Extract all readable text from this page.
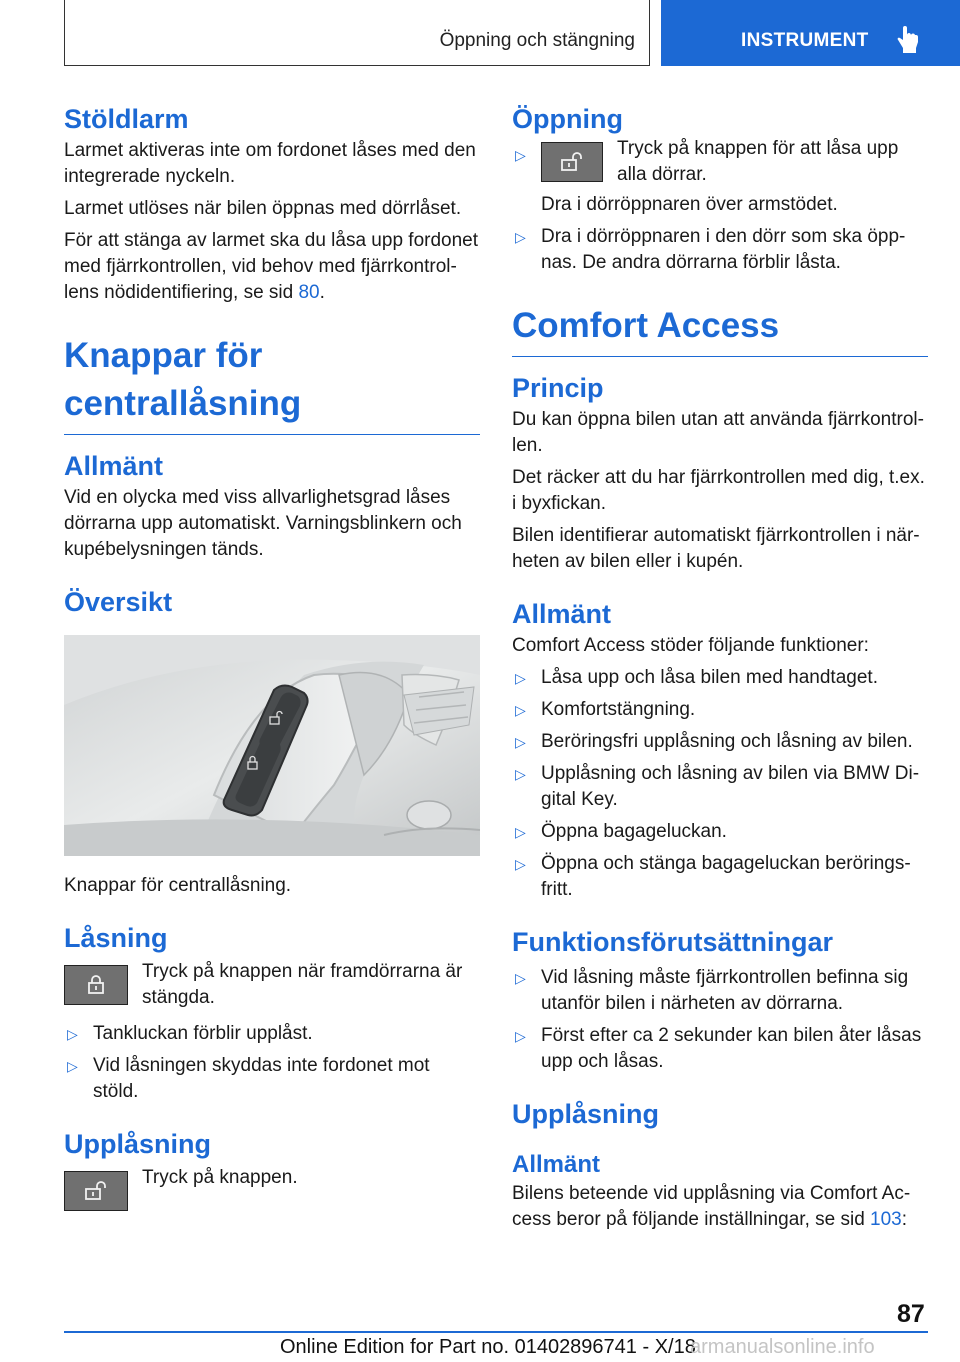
Öppning och stängning	INSTRUMENT
Stöldlarm

Larmet aktiveras inte om fordonet låses med den integrerade nyckeln.

Larmet utlöses när bilen öppnas med dörrlåset.

För att stänga av larmet ska du låsa upp fordonet med fjärrkontrollen, vid behov med fjärrkontrol‐lens nödidentifiering, se sid 80.

Knappar för centrallåsning
Allmänt

Vid en olycka med viss allvarlighetsgrad låses dörrarna upp automatiskt. Varningsblinkern och kupébelysningen tänds.

Översikt

Knappar för centrallåsning.

Låsning

Tryck på knappen när framdörrarna är stängda.

▷ Tankluckan förblir upplåst.
▷ Vid låsningen skyddas inte fordonet mot stöld.
Upplåsning

Tryck på knappen.

Öppning
▷	Tryck på knappen för att låsa upp alla dörrar.

Dra i dörröppnaren över armstödet.

▷ Dra i dörröppnaren i den dörr som ska öpp‐nas. De andra dörrarna förblir låsta.
Comfort Access
Princip

Du kan öppna bilen utan att använda fjärrkontrol‐len.

Det räcker att du har fjärrkontrollen med dig, t.ex. i byxfickan.

Bilen identifierar automatiskt fjärrkontrollen i när‐heten av bilen eller i kupén.

Allmänt

Comfort Access stöder följande funktioner:

▷ Låsa upp och låsa bilen med handtaget.
▷ Komfortstängning.
▷ Beröringsfri upplåsning och låsning av bilen.
▷ Upplåsning och låsning av bilen via BMW Di‐gital Key.
▷ Öppna bagageluckan.
▷ Öppna och stänga bagageluckan berörings‐fritt.
Funktionsförutsättningar
▷ Vid låsning måste fjärrkontrollen befinna sig utanför bilen i närheten av dörrarna.
▷ Först efter ca 2 sekunder kan bilen åter låsas upp och låsas.
Upplåsning
Allmänt

Bilens beteende vid upplåsning via Comfort Ac‐cess beror på följande inställningar, se sid 103:

87
Online Edition for Part no. 01402896741 - X/18
armanualsonline.info
